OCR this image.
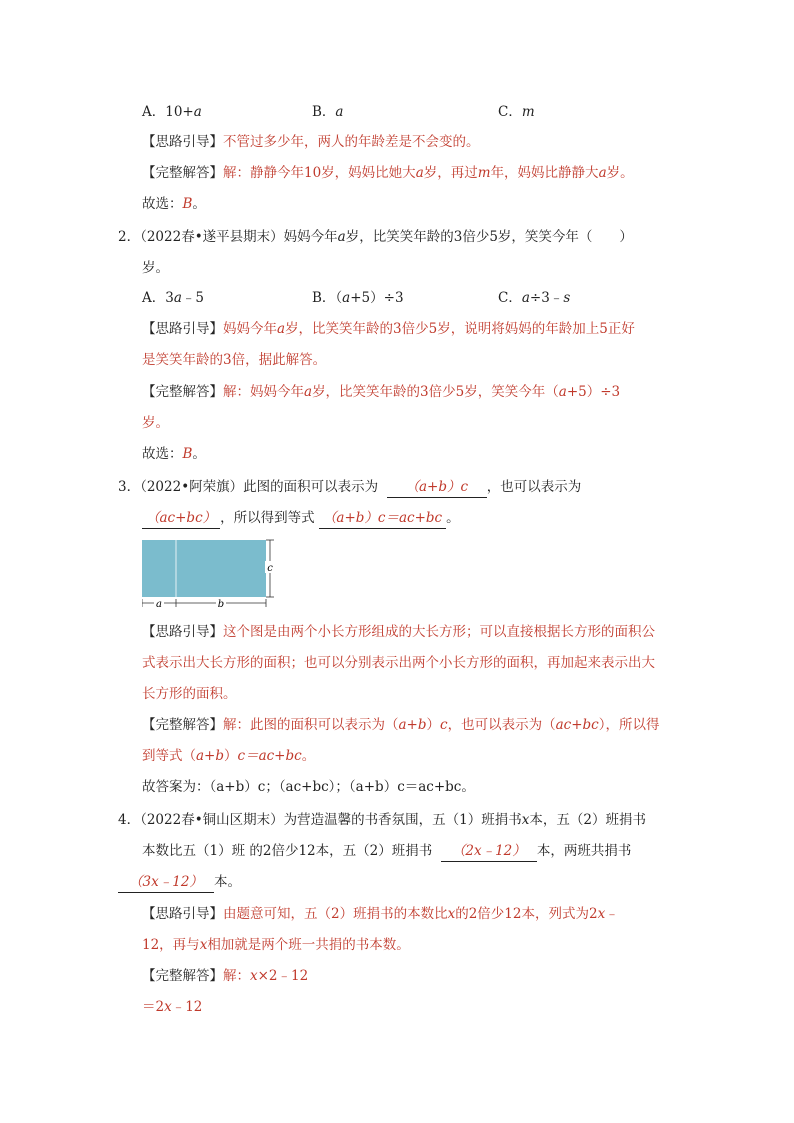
A．10+a	B．a	C．m
【思路引导】不管过多少年，两人的年龄差是不会变的。
【完整解答】解：静静今年10岁，妈妈比她大a岁，再过m年，妈妈比静静大a岁。
故选：B。
2．（2022春•遂平县期末）妈妈今年a岁，比笑笑年龄的3倍少5岁，笑笑今年（　　）
岁。
A．3a﹣5	B．（a+5）÷3	C．a÷3﹣s
【思路引导】妈妈今年a岁，比笑笑年龄的3倍少5岁，说明将妈妈的年龄加上5正好
是笑笑年龄的3倍，据此解答。
【完整解答】解：妈妈今年a岁，比笑笑年龄的3倍少5岁，笑笑今年（a+5）÷3
岁。
故选：B。
3．（2022•阿荣旗）此图的面积可以表示为 （a+b）c ，也可以表示为
（ac+bc） ，所以得到等式 （a+b）c＝ac+bc 。
c
a	b
【思路引导】这个图是由两个小长方形组成的大长方形；可以直接根据长方形的面积公
式表示出大长方形的面积；也可以分别表示出两个小长方形的面积，再加起来表示出大
长方形的面积。
【完整解答】解：此图的面积可以表示为（a+b）c，也可以表示为（ac+bc），所以得
到等式（a+b）c＝ac+bc。
故答案为：（a+b）c；（ac+bc）；（a+b）c＝ac+bc。
4．（2022春•铜山区期末）为营造温馨的书香氛围，五（1）班捐书x本，五（2）班捐书
本数比五（1）班 的2倍少12本，五（2）班捐书 （2x﹣12） 本，两班共捐书
（3x﹣12） 本。
【思路引导】由题意可知，五（2）班捐书的本数比x的2倍少12本，列式为2x﹣
12，再与x相加就是两个班一共捐的书本数。
【完整解答】解：x×2﹣12
＝2x﹣12
